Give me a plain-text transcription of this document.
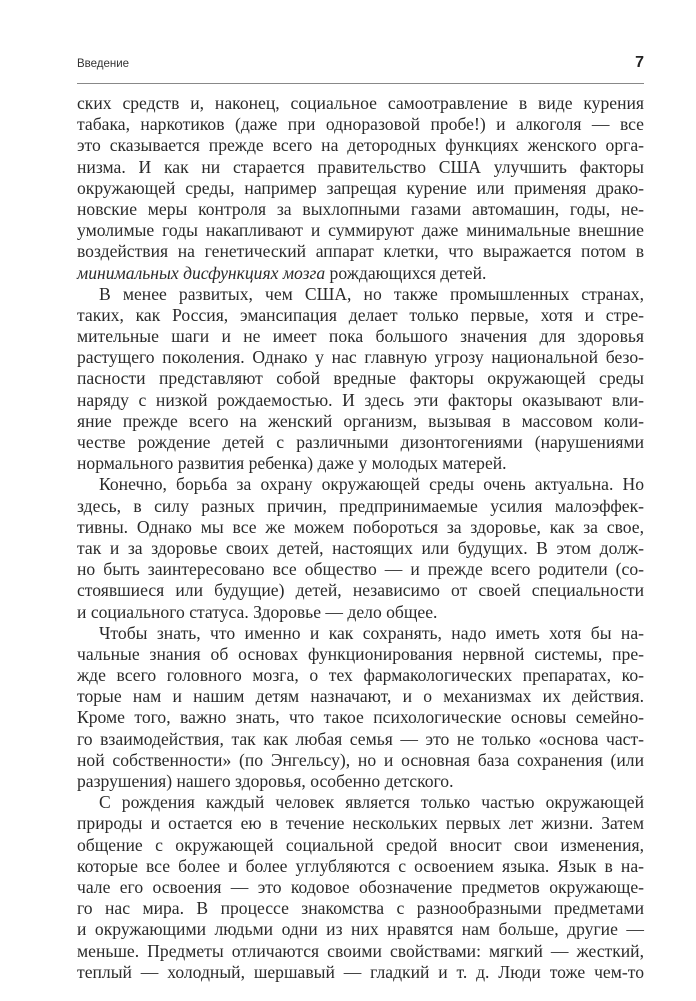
Введение	7
ских средств и, наконец, социальное самоотравление в виде курения
табака, наркотиков (даже при одноразовой пробе!) и алкоголя — все
это сказывается прежде всего на детородных функциях женского орга-
низма. И как ни старается правительство США улучшить факторы
окружающей среды, например запрещая курение или применяя драко-
новские меры контроля за выхлопными газами автомашин, годы, не-
умолимые годы накапливают и суммируют даже минимальные внешние
воздействия на генетический аппарат клетки, что выражается потом в
минимальных дисфункциях мозга рождающихся детей.
В менее развитых, чем США, но также промышленных странах,
таких, как Россия, эмансипация делает только первые, хотя и стре-
мительные шаги и не имеет пока большого значения для здоровья
растущего поколения. Однако у нас главную угрозу национальной безо-
пасности представляют собой вредные факторы окружающей среды
наряду с низкой рождаемостью. И здесь эти факторы оказывают вли-
яние прежде всего на женский организм, вызывая в массовом коли-
честве рождение детей с различными дизонтогениями (нарушениями
нормального развития ребенка) даже у молодых матерей.
Конечно, борьба за охрану окружающей среды очень актуальна. Но
здесь, в силу разных причин, предпринимаемые усилия малоэффек-
тивны. Однако мы все же можем побороться за здоровье, как за свое,
так и за здоровье своих детей, настоящих или будущих. В этом долж-
но быть заинтересовано все общество — и прежде всего родители (со-
стоявшиеся или будущие) детей, независимо от своей специальности
и социального статуса. Здоровье — дело общее.
Чтобы знать, что именно и как сохранять, надо иметь хотя бы на-
чальные знания об основах функционирования нервной системы, пре-
жде всего головного мозга, о тех фармакологических препаратах, ко-
торые нам и нашим детям назначают, и о механизмах их действия.
Кроме того, важно знать, что такое психологические основы семейно-
го взаимодействия, так как любая семья — это не только «основа част-
ной собственности» (по Энгельсу), но и основная база сохранения (или
разрушения) нашего здоровья, особенно детского.
С рождения каждый человек является только частью окружающей
природы и остается ею в течение нескольких первых лет жизни. Затем
общение с окружающей социальной средой вносит свои изменения,
которые все более и более углубляются с освоением языка. Язык в на-
чале его освоения — это кодовое обозначение предметов окружающе-
го нас мира. В процессе знакомства с разнообразными предметами
и окружающими людьми одни из них нравятся нам больше, другие —
меньше. Предметы отличаются своими свойствами: мягкий — жесткий,
теплый — холодный, шершавый — гладкий и т. д. Люди тоже чем-то
